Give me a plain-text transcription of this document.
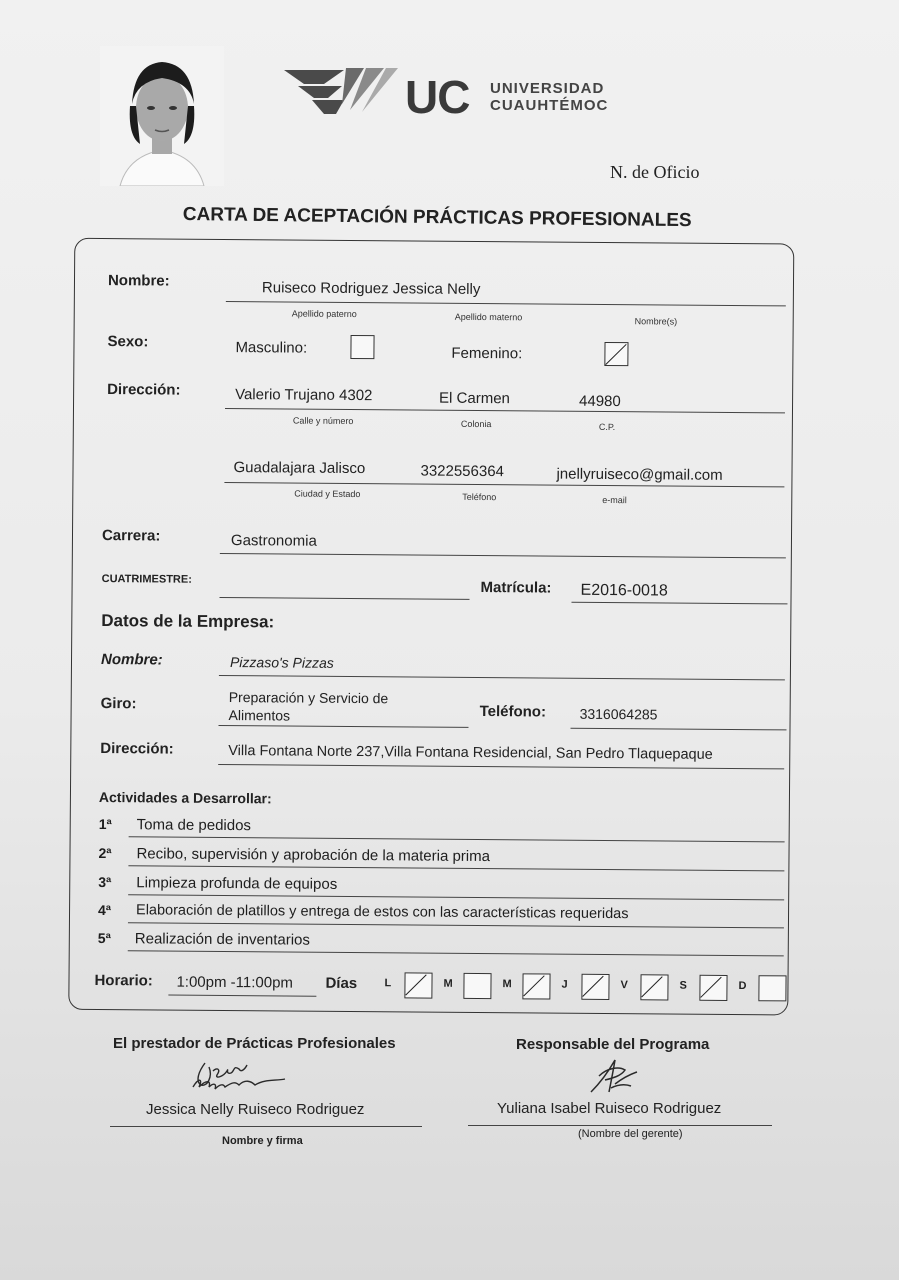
UC UNIVERSIDAD
CUAUHTÉMOC
N. de Oficio
CARTA DE ACEPTACIÓN PRÁCTICAS PROFESIONALES
Nombre:	Ruiseco Rodriguez Jessica Nelly
Apellido paterno	Apellido materno	Nombre(s)
Sexo:	Masculino:	Femenino:
Dirección:	Valerio Trujano 4302	El Carmen	44980
Calle y número	Colonia	C.P.
Guadalajara Jalisco	3322556364	jnellyruiseco@gmail.com
Ciudad y Estado	Teléfono	e-mail
Carrera:	Gastronomia
CUATRIMESTRE:	Matrícula: E2016-0018
Datos de la Empresa:
Nombre:	Pizzaso's Pizzas
Giro:	Preparación y Servicio de
Alimentos	Teléfono: 3316064285
Dirección:	Villa Fontana Norte 237,Villa Fontana Residencial, San Pedro Tlaquepaque
Actividades a Desarrollar:
1ª Toma de pedidos
2ª Recibo, supervisión y aprobación de la materia prima
3ª Limpieza profunda de equipos
4ª Elaboración de platillos y entrega de estos con las características requeridas
5ª Realización de inventarios
Horario: 1:00pm -11:00pm Días L	M	M	J	V	S	D
El prestador de Prácticas Profesionales
Jessica Nelly Ruiseco Rodriguez
Nombre y firma
Responsable del Programa
Yuliana Isabel Ruiseco Rodriguez
(Nombre del gerente)
